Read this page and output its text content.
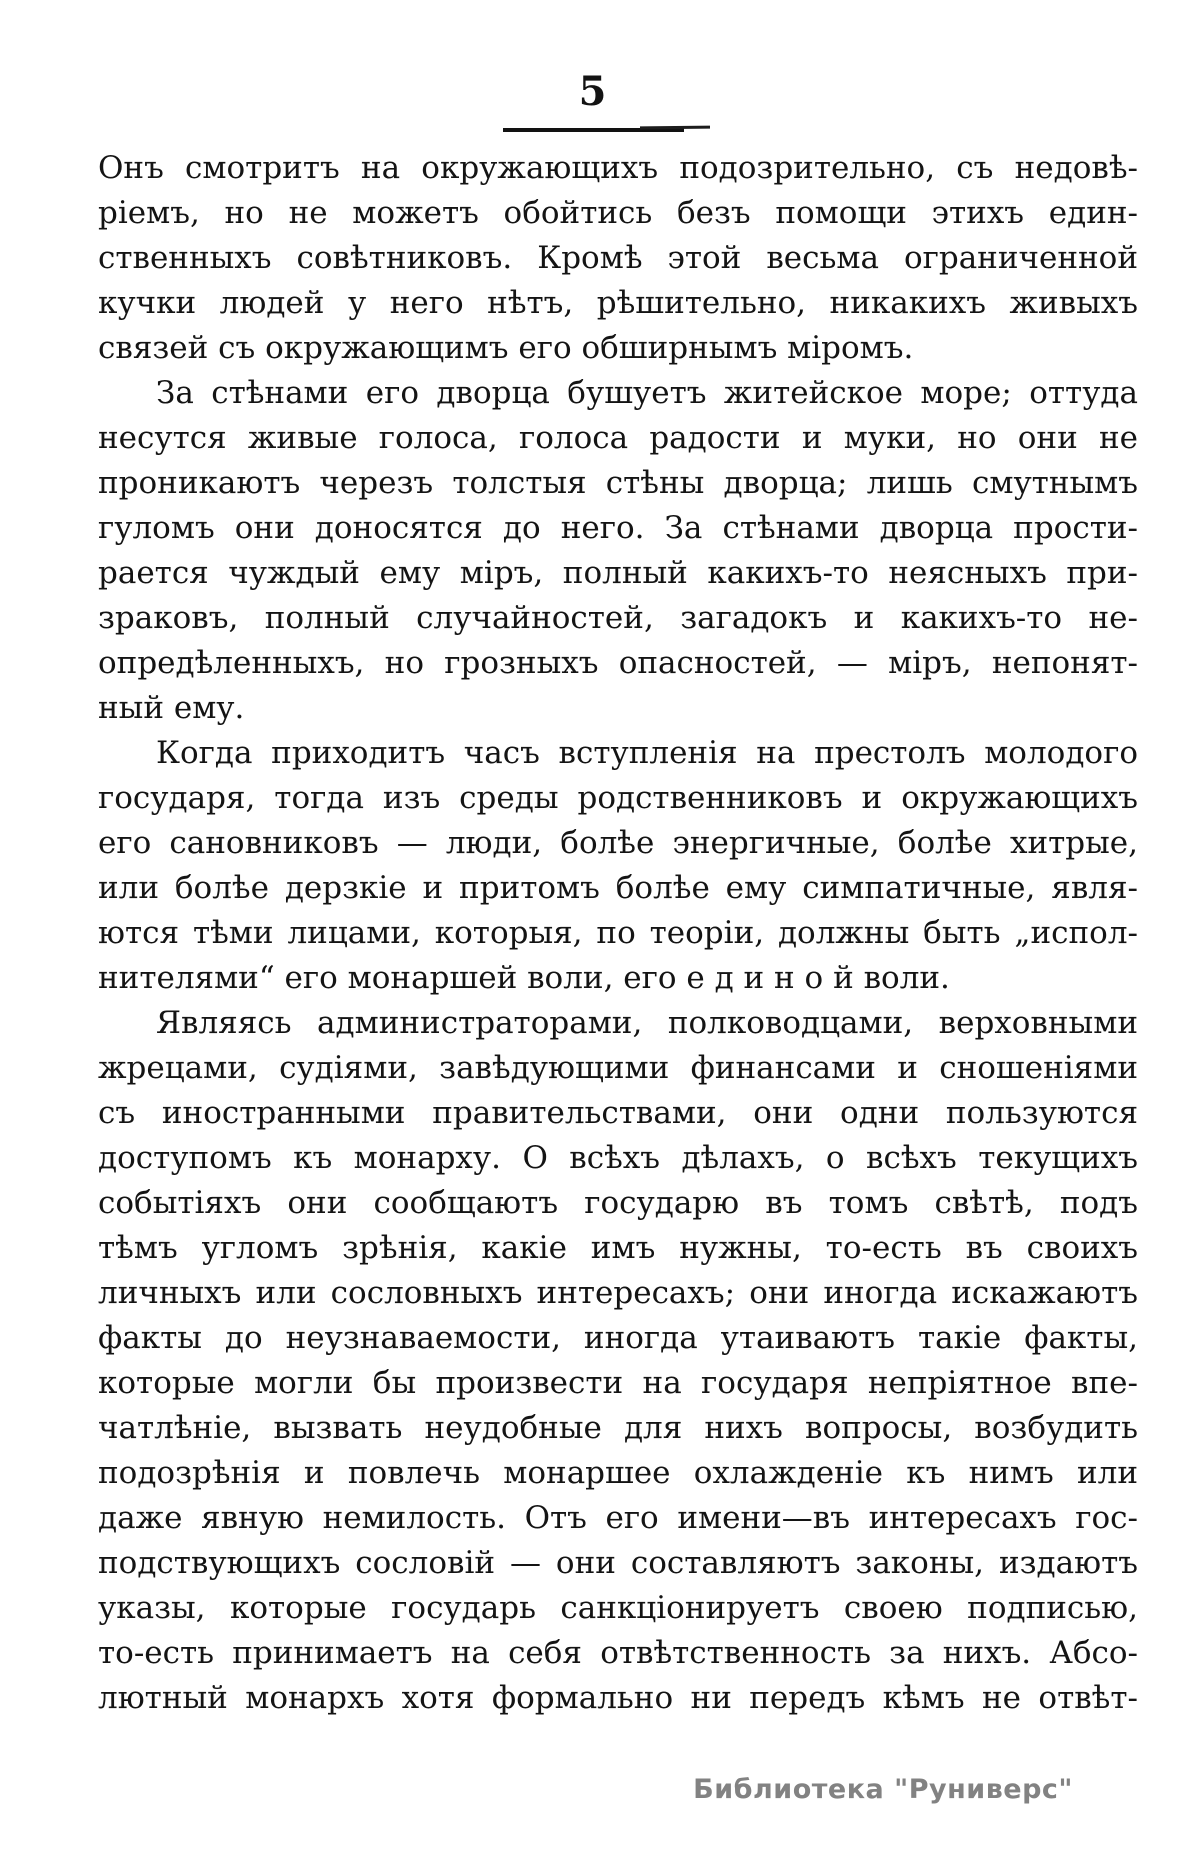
5
Онъ смотритъ на окружающихъ подозрительно, съ недовѣ-
ріемъ, но не можетъ обойтись безъ помощи этихъ един-
ственныхъ совѣтниковъ. Кромѣ этой весьма ограниченной
кучки людей у него нѣтъ, рѣшительно, никакихъ живыхъ
связей съ окружающимъ его обширнымъ міромъ.
За стѣнами его дворца бушуетъ житейское море; оттуда
несутся живые голоса, голоса радости и муки, но они не
проникаютъ черезъ толстыя стѣны дворца; лишь смутнымъ
гуломъ они доносятся до него. За стѣнами дворца прости-
рается чуждый ему міръ, полный какихъ-то неясныхъ при-
зраковъ, полный случайностей, загадокъ и какихъ-то не-
опредѣленныхъ, но грозныхъ опасностей, — міръ, непонят-
ный ему.
Когда приходитъ часъ вступленія на престолъ молодого
государя, тогда изъ среды родственниковъ и окружающихъ
его сановниковъ — люди, болѣе энергичные, болѣе хитрые,
или болѣе дерзкіе и притомъ болѣе ему симпатичные, явля-
ются тѣми лицами, которыя, по теоріи, должны быть „испол-
нителями“ его монаршей воли, его е д и н о й воли.
Являясь администраторами, полководцами, верховными
жрецами, судіями, завѣдующими финансами и сношеніями
съ иностранными правительствами, они одни пользуются
доступомъ къ монарху. О всѣхъ дѣлахъ, о всѣхъ текущихъ
событіяхъ они сообщаютъ государю въ томъ свѣтѣ, подъ
тѣмъ угломъ зрѣнія, какіе имъ нужны, то-есть въ своихъ
личныхъ или сословныхъ интересахъ; они иногда искажаютъ
факты до неузнаваемости, иногда утаиваютъ такіе факты,
которые могли бы произвести на государя непріятное впе-
чатлѣніе, вызвать неудобные для нихъ вопросы, возбудить
подозрѣнія и повлечь монаршее охлажденіе къ нимъ или
даже явную немилость. Отъ его имени—въ интересахъ гос-
подствующихъ сословій — они составляютъ законы, издаютъ
указы, которые государь санкціонируетъ своею подписью,
то-есть принимаетъ на себя отвѣтственность за нихъ. Абсо-
лютный монархъ хотя формально ни передъ кѣмъ не отвѣт-
Библиотека "Руниверс"
